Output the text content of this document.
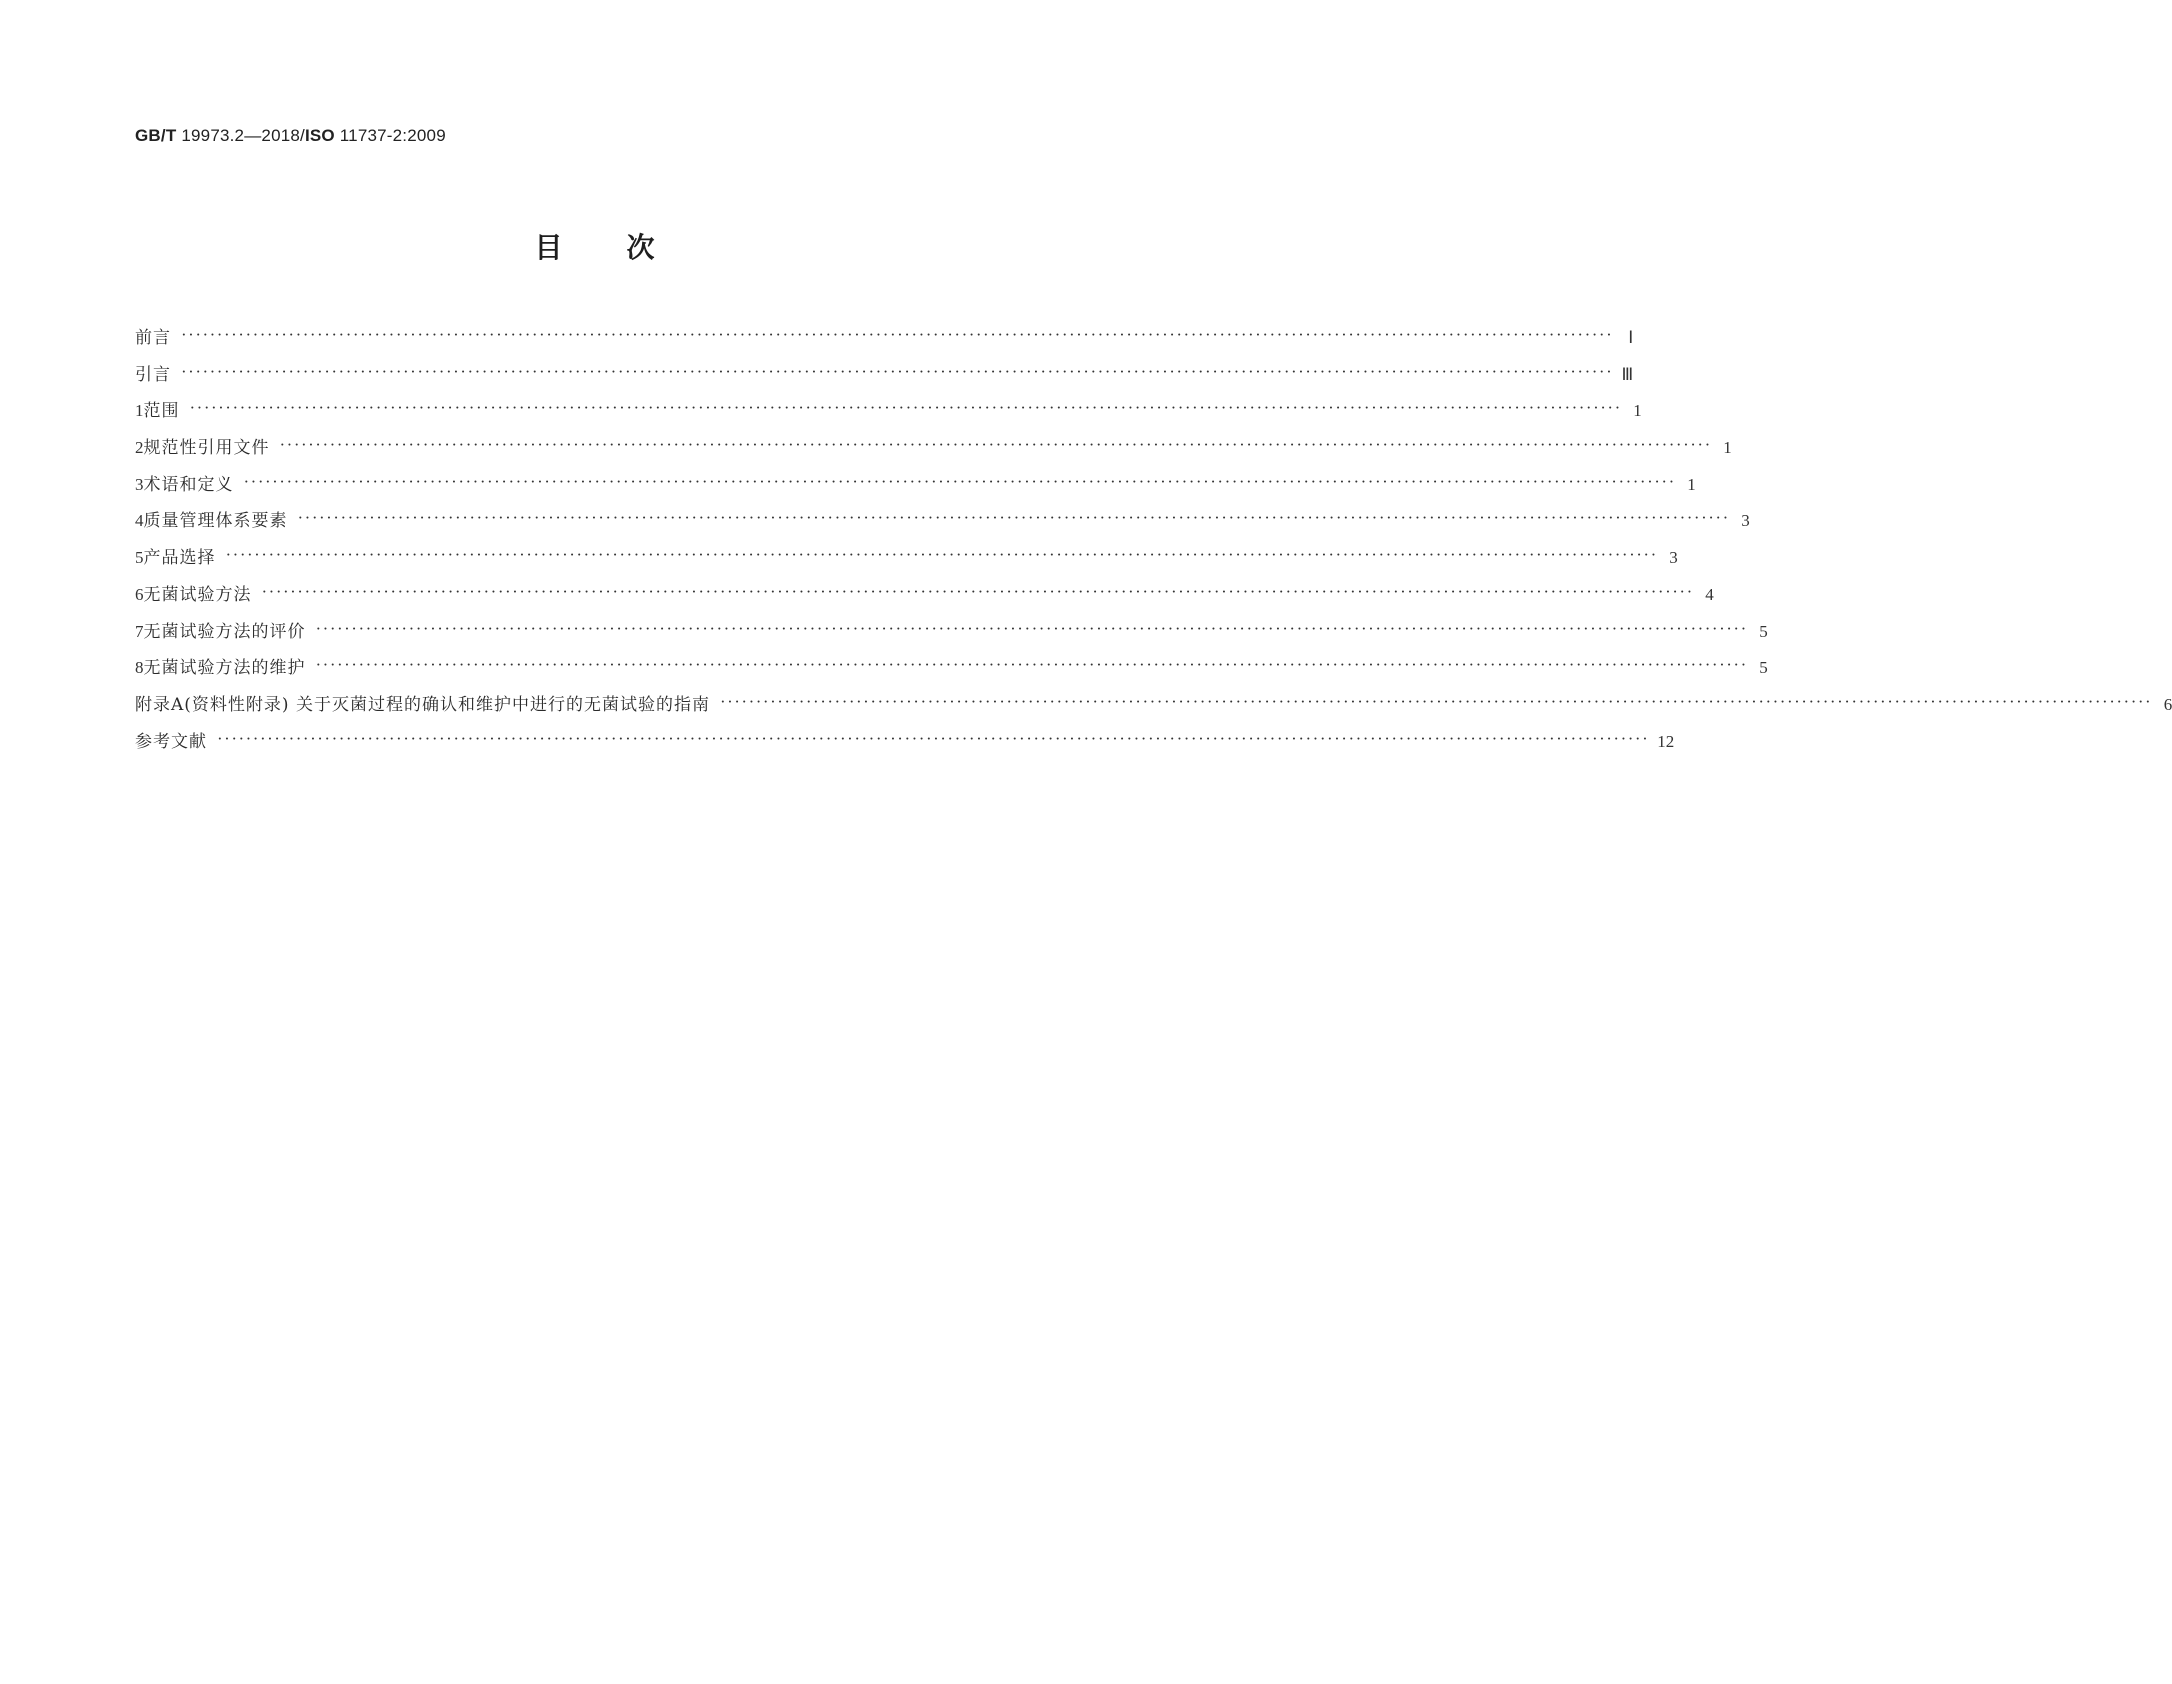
GB/T 19973.2—2018/ISO 11737-2:2009
目 次
前言 ········································································································································································································ Ⅰ
引言 ········································································································································································································ Ⅲ
1 范围 ········································································································································································································ 1
2 规范性引用文件 ········································································································································································································ 1
3 术语和定义 ········································································································································································································ 1
4 质量管理体系要素 ········································································································································································································ 3
5 产品选择 ········································································································································································································ 3
6 无菌试验方法 ········································································································································································································ 4
7 无菌试验方法的评价 ········································································································································································································ 5
8 无菌试验方法的维护 ········································································································································································································ 5
附录A(资料性附录) 关于灭菌过程的确认和维护中进行的无菌试验的指南 ········································································································································································································ 6
参考文献 ········································································································································································································ 12
